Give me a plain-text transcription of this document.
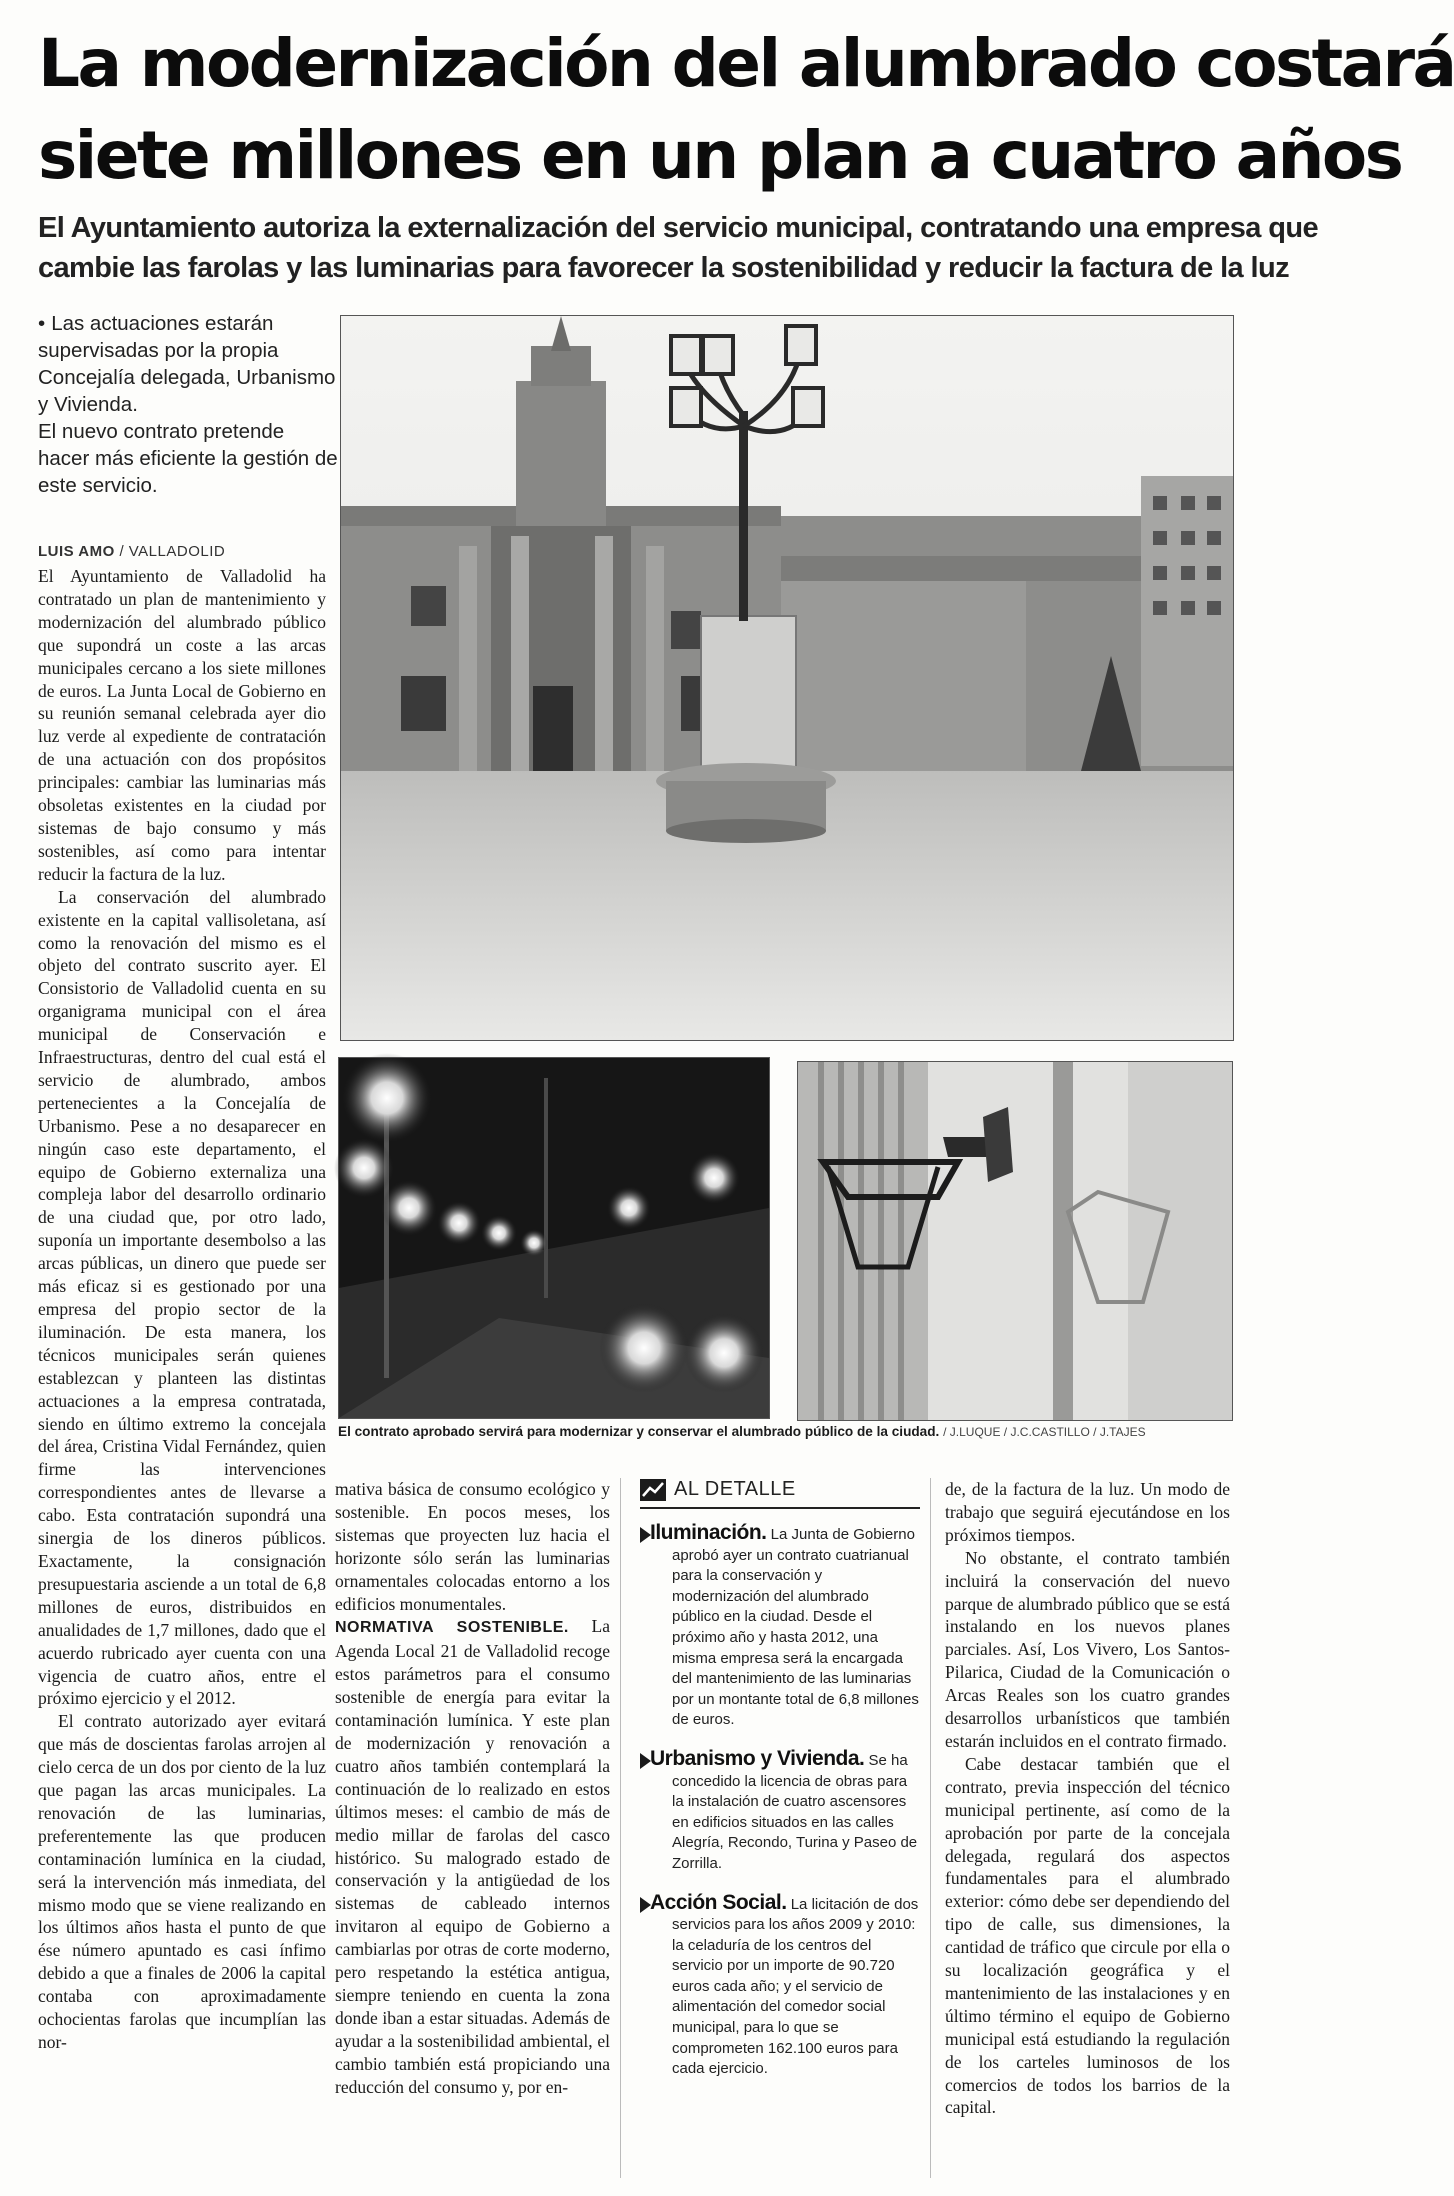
La modernización del alumbrado costará
siete millones en un plan a cuatro años
El Ayuntamiento autoriza la externalización del servicio municipal, contratando una empresa que
cambie las farolas y las luminarias para favorecer la sostenibilidad y reducir la factura de la luz

• Las actuaciones estarán supervisadas por la propia Concejalía delegada, Urbanismo y Vivienda.

El nuevo contrato pretende hacer más eficiente la gestión de este servicio.

LUIS AMO / VALLADOLID

El Ayuntamiento de Valladolid ha contratado un plan de mantenimiento y modernización del alumbrado público que supondrá un coste a las arcas municipales cercano a los siete millones de euros. La Junta Local de Gobierno en su reunión semanal celebrada ayer dio luz verde al expediente de contratación de una actuación con dos propósitos principales: cambiar las luminarias más obsoletas existentes en la ciudad por sistemas de bajo consumo y más sostenibles, así como para intentar reducir la factura de la luz.

La conservación del alumbrado existente en la capital vallisoletana, así como la renovación del mismo es el objeto del contrato suscrito ayer. El Consistorio de Valladolid cuenta en su organigrama municipal con el área municipal de Conservación e Infraestructuras, dentro del cual está el servicio de alumbrado, ambos pertenecientes a la Concejalía de Urbanismo. Pese a no desaparecer en ningún caso este departamento, el equipo de Gobierno externaliza una compleja labor del desarrollo ordinario de una ciudad que, por otro lado, suponía un importante desembolso a las arcas públicas, un dinero que puede ser más eficaz si es gestionado por una empresa del propio sector de la iluminación. De esta manera, los técnicos municipales serán quienes establezcan y planteen las distintas actuaciones a la empresa contratada, siendo en último extremo la concejala del área, Cristina Vidal Fernández, quien firme las intervenciones correspondientes antes de llevarse a cabo. Esta contratación supondrá una sinergia de los dineros públicos. Exactamente, la consignación presupuestaria asciende a un total de 6,8 millones de euros, distribuidos en anualidades de 1,7 millones, dado que el acuerdo rubricado ayer cuenta con una vigencia de cuatro años, entre el próximo ejercicio y el 2012.

El contrato autorizado ayer evitará que más de doscientas farolas arrojen al cielo cerca de un dos por ciento de la luz que pagan las arcas municipales. La renovación de las luminarias, preferentemente las que producen contaminación lumínica en la ciudad, será la intervención más inmediata, del mismo modo que se viene realizando en los últimos años hasta el punto de que ése número apuntado es casi ínfimo debido a que a finales de 2006 la capital contaba con aproximadamente ochocientas farolas que incumplían las nor-

El contrato aprobado servirá para modernizar y conservar el alumbrado público de la ciudad. / J.LUQUE / J.C.CASTILLO / J.TAJES

mativa básica de consumo ecológico y sostenible. En pocos meses, los sistemas que proyecten luz hacia el horizonte sólo serán las luminarias ornamentales colocadas entorno a los edificios monumentales.

NORMATIVA SOSTENIBLE. La Agenda Local 21 de Valladolid recoge estos parámetros para el consumo sostenible de energía para evitar la contaminación lumínica. Y este plan de modernización y renovación a cuatro años también contemplará la continuación de lo realizado en estos últimos meses: el cambio de más de medio millar de farolas del casco histórico. Su malogrado estado de conservación y la antigüedad de los sistemas de cableado internos invitaron al equipo de Gobierno a cambiarlas por otras de corte moderno, pero respetando la estética antigua, siempre teniendo en cuenta la zona donde iban a estar situadas. Además de ayudar a la sostenibilidad ambiental, el cambio también está propiciando una reducción del consumo y, por en-

AL DETALLE
Iluminación. La Junta de Gobierno aprobó ayer un contrato cuatrianual para la conservación y modernización del alumbrado público en la ciudad. Desde el próximo año y hasta 2012, una misma empresa será la encargada del mantenimiento de las luminarias por un montante total de 6,8 millones de euros.
Urbanismo y Vivienda. Se ha concedido la licencia de obras para la instalación de cuatro ascensores en edificios situados en las calles Alegría, Recondo, Turina y Paseo de Zorrilla.
Acción Social. La licitación de dos servicios para los años 2009 y 2010: la celaduría de los centros del servicio por un importe de 90.720 euros cada año; y el servicio de alimentación del comedor social municipal, para lo que se comprometen 162.100 euros para cada ejercicio.

de, de la factura de la luz. Un modo de trabajo que seguirá ejecutándose en los próximos tiempos.

No obstante, el contrato también incluirá la conservación del nuevo parque de alumbrado público que se está instalando en los nuevos planes parciales. Así, Los Vivero, Los Santos-Pilarica, Ciudad de la Comunicación o Arcas Reales son los cuatro grandes desarrollos urbanísticos que también estarán incluidos en el contrato firmado.

Cabe destacar también que el contrato, previa inspección del técnico municipal pertinente, así como de la aprobación por parte de la concejala delegada, regulará dos aspectos fundamentales para el alumbrado exterior: cómo debe ser dependiendo del tipo de calle, sus dimensiones, la cantidad de tráfico que circule por ella o su localización geográfica y el mantenimiento de las instalaciones y en último término el equipo de Gobierno municipal está estudiando la regulación de los carteles luminosos de los comercios de todos los barrios de la capital.
